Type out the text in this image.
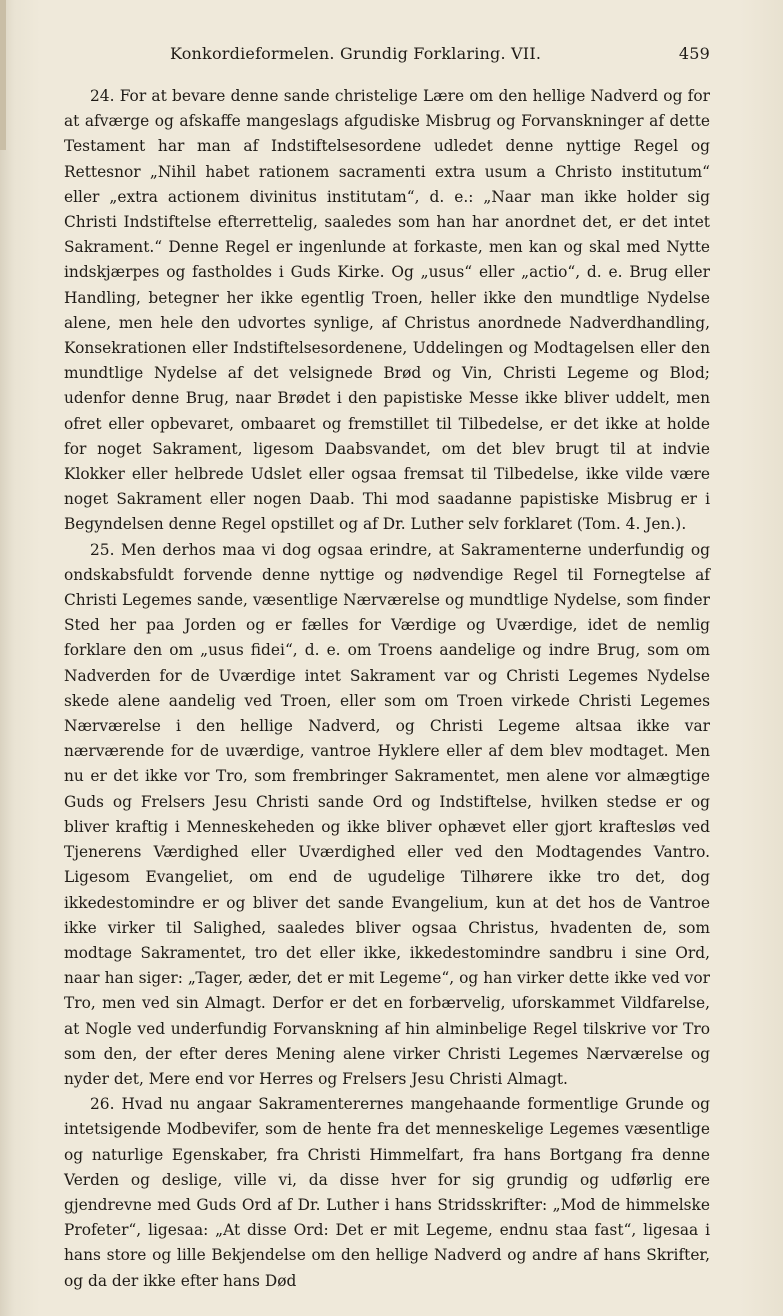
Konkordieformelen. Grundig Forklaring. VII.	459

24. For at bevare denne sande christelige Lære om den hellige Nadverd og for at afværge og afskaffe mangeslags afgudiske Misbrug og Forvanskninger af dette Testament har man af Indstiftelsesordene udledet denne nyttige Regel og Rettesnor „Nihil habet rationem sacramenti extra usum a Christo institutum“ eller „extra actionem divinitus institutam“, d. e.: „Naar man ikke holder sig Christi Indstiftelse efterrettelig, saaledes som han har anordnet det, er det intet Sakrament.“ Denne Regel er ingenlunde at forkaste, men kan og skal med Nytte indskjærpes og fastholdes i Guds Kirke. Og „usus“ eller „actio“, d. e. Brug eller Handling, betegner her ikke egentlig Troen, heller ikke den mundtlige Nydelse alene, men hele den udvortes synlige, af Christus anordnede Nadverdhandling, Konsekrationen eller Indstiftelsesordenene, Uddelingen og Modtagelsen eller den mundtlige Nydelse af det velsignede Brød og Vin, Christi Legeme og Blod; udenfor denne Brug, naar Brødet i den papistiske Messe ikke bliver uddelt, men ofret eller opbevaret, ombaaret og fremstillet til Tilbedelse, er det ikke at holde for noget Sakrament, ligesom Daabsvandet, om det blev brugt til at indvie Klokker eller helbrede Udslet eller ogsaa fremsat til Tilbedelse, ikke vilde være noget Sakrament eller nogen Daab. Thi mod saadanne papistiske Misbrug er i Begyndelsen denne Regel opstillet og af Dr. Luther selv forklaret (Tom. 4. Jen.).

25. Men derhos maa vi dog ogsaa erindre, at Sakramenterne underfundig og ondskabsfuldt forvende denne nyttige og nødvendige Regel til Fornegtelse af Christi Legemes sande, væsentlige Nærværelse og mundtlige Nydelse, som finder Sted her paa Jorden og er fælles for Værdige og Uværdige, idet de nemlig forklare den om „usus fidei“, d. e. om Troens aandelige og indre Brug, som om Nadverden for de Uværdige intet Sakrament var og Christi Legemes Nydelse skede alene aandelig ved Troen, eller som om Troen virkede Christi Legemes Nærværelse i den hellige Nadverd, og Christi Legeme altsaa ikke var nærværende for de uværdige, vantroe Hyklere eller af dem blev modtaget. Men nu er det ikke vor Tro, som frembringer Sakramentet, men alene vor almægtige Guds og Frelsers Jesu Christi sande Ord og Indstiftelse, hvilken stedse er og bliver kraftig i Menneskeheden og ikke bliver ophævet eller gjort kraftesløs ved Tjenerens Værdighed eller Uværdighed eller ved den Modtagendes Vantro. Ligesom Evangeliet, om end de ugudelige Tilhørere ikke tro det, dog ikkedestomindre er og bliver det sande Evangelium, kun at det hos de Vantroe ikke virker til Salighed, saaledes bliver ogsaa Christus, hvadenten de, som modtage Sakramentet, tro det eller ikke, ikkedestomindre sandbru i sine Ord, naar han siger: „Tager, æder, det er mit Legeme“, og han virker dette ikke ved vor Tro, men ved sin Almagt. Derfor er det en forbærvelig, uforskammet Vildfarelse, at Nogle ved underfundig Forvanskning af hin alminbelige Regel tilskrive vor Tro som den, der efter deres Mening alene virker Christi Legemes Nærværelse og nyder det, Mere end vor Herres og Frelsers Jesu Christi Almagt.

26. Hvad nu angaar Sakramenterernes mangehaande formentlige Grunde og intetsigende Modbevifer, som de hente fra det menneskelige Legemes væsentlige og naturlige Egenskaber, fra Christi Himmelfart, fra hans Bortgang fra denne Verden og desligе, ville vi, da disse hver for sig grundig og udførlig ere gjendrevne med Guds Ord af Dr. Luther i hans Stridsskrifter: „Mod de himmelske Profeter“, ligesaa: „At disse Ord: Det er mit Legeme, endnu staa fast“, ligesaa i hans store og lille Bekjendelse om den hellige Nadverd og andre af hans Skrifter, og da der ikke efter hans Død
